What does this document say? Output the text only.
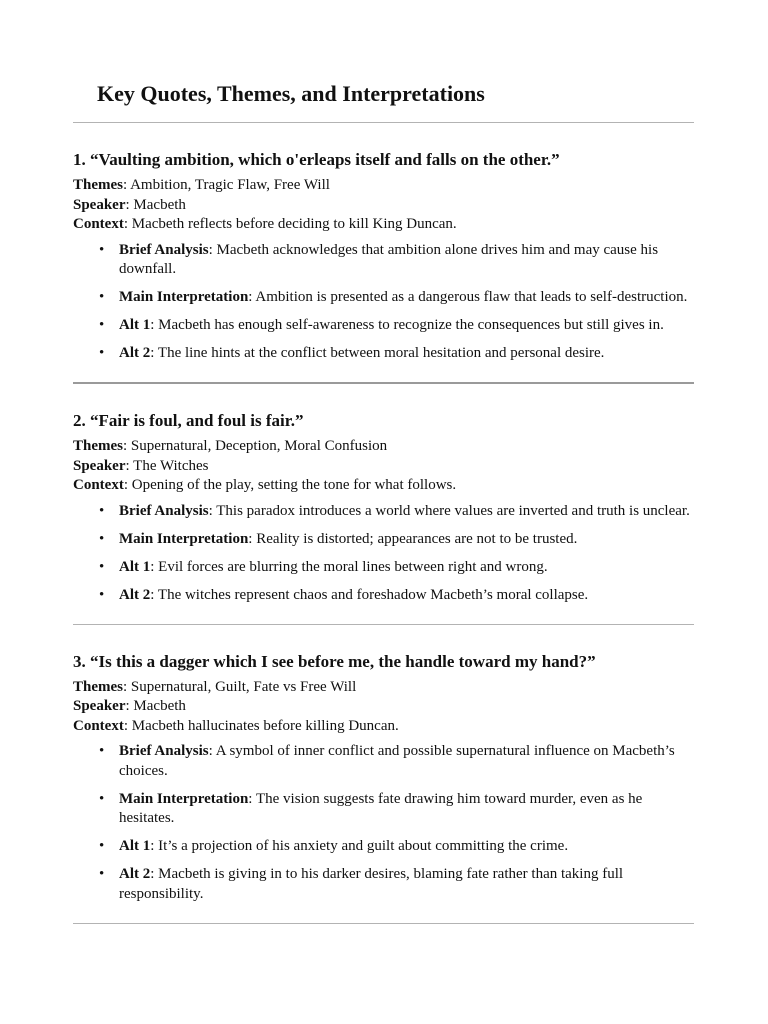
Key Quotes, Themes, and Interpretations
1. “Vaulting ambition, which o'erleaps itself and falls on the other.”
Themes: Ambition, Tragic Flaw, Free Will
Speaker: Macbeth
Context: Macbeth reflects before deciding to kill King Duncan.
• Brief Analysis: Macbeth acknowledges that ambition alone drives him and may cause his downfall.
• Main Interpretation: Ambition is presented as a dangerous flaw that leads to self-destruction.
• Alt 1: Macbeth has enough self-awareness to recognize the consequences but still gives in.
• Alt 2: The line hints at the conflict between moral hesitation and personal desire.
2. “Fair is foul, and foul is fair.”
Themes: Supernatural, Deception, Moral Confusion
Speaker: The Witches
Context: Opening of the play, setting the tone for what follows.
• Brief Analysis: This paradox introduces a world where values are inverted and truth is unclear.
• Main Interpretation: Reality is distorted; appearances are not to be trusted.
• Alt 1: Evil forces are blurring the moral lines between right and wrong.
• Alt 2: The witches represent chaos and foreshadow Macbeth’s moral collapse.
3. “Is this a dagger which I see before me, the handle toward my hand?”
Themes: Supernatural, Guilt, Fate vs Free Will
Speaker: Macbeth
Context: Macbeth hallucinates before killing Duncan.
• Brief Analysis: A symbol of inner conflict and possible supernatural influence on Macbeth’s choices.
• Main Interpretation: The vision suggests fate drawing him toward murder, even as he hesitates.
• Alt 1: It’s a projection of his anxiety and guilt about committing the crime.
• Alt 2: Macbeth is giving in to his darker desires, blaming fate rather than taking full responsibility.
